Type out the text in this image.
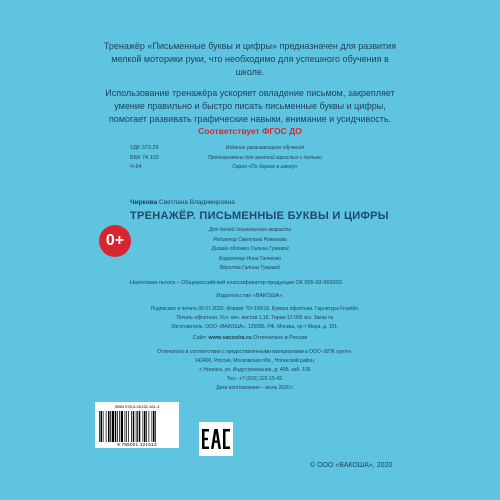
Тренажёр «Письменные буквы и цифры» предназначен для развития мелкой моторики руки, что необходимо для успешного обучения в школе.

Использование тренажёра ускоряет овладение письмом, закрепляет умение правильно и быстро писать письменные буквы и цифры, помогает развивать графические навыки, внимание и усидчивость.

Соответствует ФГОС ДО
УДК 373.29
ББК 74.102
Ч-64
Издание развивающего обучения
Предназначено для занятий взрослых с детьми
Серия «По дороге в школу»
Чиркова Светлана Владимировна
ТРЕНАЖЁР. ПИСЬМЕННЫЕ БУКВЫ И ЦИФРЫ
0+
Для детей дошкольного возраста
Редактор Светлана Ряжанова
Дизайн обложки Галины Гужевой
Корректор Инна Галченко
Вёрстка Галины Гужевой
Налоговая льгота – Общероссийский классификатор продукции ОК 005-93-953000.
Издательство «ВАКОША».
Подписано в печать 09.07.2020. Формат 70×100/16. Бумага офсетная. Гарнитура Franklin.
Печать офсетная. Усл. печ. листов 1,16. Тираж 12 000 экз. Заказ №
Изготовитель: ООО «ВАКОША», 129085, РФ, Москва, пр-т Мира, д. 101.
Сайт: www.vacosha.ru Отпечатано в России
Отпечатано в соответствии с предоставленными материалами в ООО «БПК групп».
142400, Россия, Московская обл., Ногинский район,
г. Ногинск, ул. Индустриальная, д. 40Б, каб. 106
Тел.: +7 (915) 222-15-42.
Дата изготовления – июль 2020 г.
ISBN 978-5-00132-161-3
9 785001 321613
© ООО «ВАКОША», 2020
